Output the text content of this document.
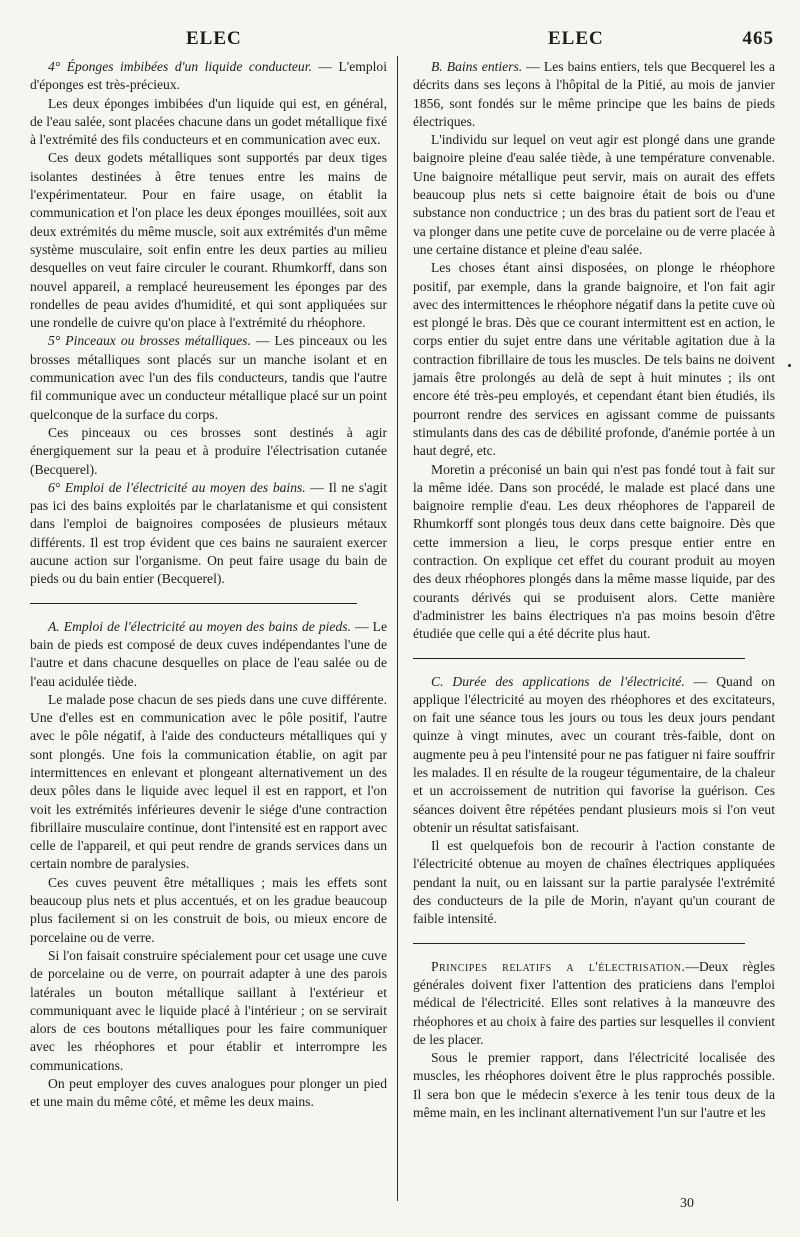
ELEC	ELEC	465

4° Éponges imbibées d'un liquide conducteur. — L'emploi d'éponges est très-précieux.

Les deux éponges imbibées d'un liquide qui est, en général, de l'eau salée, sont placées chacune dans un godet métallique fixé à l'extrémité des fils conducteurs et en communication avec eux.

Ces deux godets métalliques sont supportés par deux tiges isolantes destinées à être tenues entre les mains de l'expérimentateur. Pour en faire usage, on établit la communication et l'on place les deux éponges mouillées, soit aux deux extrémités du même muscle, soit aux extrémités d'un même système musculaire, soit enfin entre les deux parties au milieu desquelles on veut faire circuler le courant. Rhumkorff, dans son nouvel appareil, a remplacé heureusement les éponges par des rondelles de peau avides d'humidité, et qui sont appliquées sur une rondelle de cuivre qu'on place à l'extrémité du rhéophore.

5° Pinceaux ou brosses métalliques. — Les pinceaux ou les brosses métalliques sont placés sur un manche isolant et en communication avec l'un des fils conducteurs, tandis que l'autre fil communique avec un conducteur métallique placé sur un point quelconque de la surface du corps.

Ces pinceaux ou ces brosses sont destinés à agir énergiquement sur la peau et à produire l'électrisation cutanée (Becquerel).

6° Emploi de l'électricité au moyen des bains. — Il ne s'agit pas ici des bains exploités par le charlatanisme et qui consistent dans l'emploi de baignoires composées de plusieurs métaux différents. Il est trop évident que ces bains ne sauraient exercer aucune action sur l'organisme. On peut faire usage du bain de pieds ou du bain entier (Becquerel).

A. Emploi de l'électricité au moyen des bains de pieds. — Le bain de pieds est composé de deux cuves indépendantes l'une de l'autre et dans chacune desquelles on place de l'eau salée ou de l'eau acidulée tiède.

Le malade pose chacun de ses pieds dans une cuve différente. Une d'elles est en communication avec le pôle positif, l'autre avec le pôle négatif, à l'aide des conducteurs métalliques qui y sont plongés. Une fois la communication établie, on agit par intermittences en enlevant et plongeant alternativement un des deux pôles dans le liquide avec lequel il est en rapport, et l'on voit les extrémités inférieures devenir le siége d'une contraction fibrillaire musculaire continue, dont l'intensité est en rapport avec celle de l'appareil, et qui peut rendre de grands services dans un certain nombre de paralysies.

Ces cuves peuvent être métalliques ; mais les effets sont beaucoup plus nets et plus accentués, et on les gradue beaucoup plus facilement si on les construit de bois, ou mieux encore de porcelaine ou de verre.

Si l'on faisait construire spécialement pour cet usage une cuve de porcelaine ou de verre, on pourrait adapter à une des parois latérales un bouton métallique saillant à l'extérieur et communiquant avec le liquide placé à l'intérieur ; on se servirait alors de ces boutons métalliques pour les faire communiquer avec les rhéophores et pour établir et interrompre les communications.

On peut employer des cuves analogues pour plonger un pied et une main du même côté, et même les deux mains.

B. Bains entiers. — Les bains entiers, tels que Becquerel les a décrits dans ses leçons à l'hôpital de la Pitié, au mois de janvier 1856, sont fondés sur le même principe que les bains de pieds électriques.

L'individu sur lequel on veut agir est plongé dans une grande baignoire pleine d'eau salée tiède, à une température convenable. Une baignoire métallique peut servir, mais on aurait des effets beaucoup plus nets si cette baignoire était de bois ou d'une substance non conductrice ; un des bras du patient sort de l'eau et va plonger dans une petite cuve de porcelaine ou de verre placée à une certaine distance et pleine d'eau salée.

Les choses étant ainsi disposées, on plonge le rhéophore positif, par exemple, dans la grande baignoire, et l'on fait agir avec des intermittences le rhéophore négatif dans la petite cuve où est plongé le bras. Dès que ce courant intermittent est en action, le corps entier du sujet entre dans une véritable agitation due à la contraction fibrillaire de tous les muscles. De tels bains ne doivent jamais être prolongés au delà de sept à huit minutes ; ils ont encore été très-peu employés, et cependant étant bien étudiés, ils pourront rendre des services en agissant comme de puissants stimulants dans des cas de débilité profonde, d'anémie portée à un haut degré, etc.

Moretin a préconisé un bain qui n'est pas fondé tout à fait sur la même idée. Dans son procédé, le malade est placé dans une baignoire remplie d'eau. Les deux rhéophores de l'appareil de Rhumkorff sont plongés tous deux dans cette baignoire. Dès que cette immersion a lieu, le corps presque entier entre en contraction. On explique cet effet du courant produit au moyen des deux rhéophores plongés dans la même masse liquide, par des courants dérivés qui se produisent alors. Cette manière d'administrer les bains électriques n'a pas moins besoin d'être étudiée que celle qui a été décrite plus haut.

C. Durée des applications de l'électricité. — Quand on applique l'électricité au moyen des rhéophores et des excitateurs, on fait une séance tous les jours ou tous les deux jours pendant quinze à vingt minutes, avec un courant très-faible, dont on augmente peu à peu l'intensité pour ne pas fatiguer ni faire souffrir les malades. Il en résulte de la rougeur tégumentaire, de la chaleur et un accroissement de nutrition qui favorise la guérison. Ces séances doivent être répétées pendant plusieurs mois si l'on veut obtenir un résultat satisfaisant.

Il est quelquefois bon de recourir à l'action constante de l'électricité obtenue au moyen de chaînes électriques appliquées pendant la nuit, ou en laissant sur la partie paralysée l'extrémité des conducteurs de la pile de Morin, n'ayant qu'un courant de faible intensité.

Principes relatifs a l'électrisation.—Deux règles générales doivent fixer l'attention des praticiens dans l'emploi médical de l'électricité. Elles sont relatives à la manœuvre des rhéophores et au choix à faire des parties sur lesquelles il convient de les placer.

Sous le premier rapport, dans l'électricité localisée des muscles, les rhéophores doivent être le plus rapprochés possible. Il sera bon que le médecin s'exerce à les tenir tous deux de la même main, en les inclinant alternativement l'un sur l'autre et les

30
